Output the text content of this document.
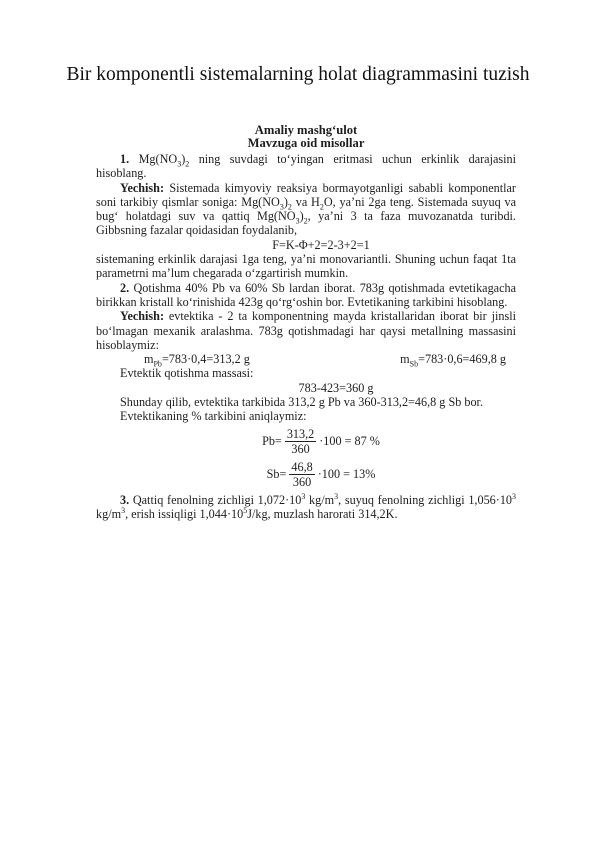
Bir komponentli sistemalarning holat diagrammasini tuzish
Amaliy mashg‘ulot
Mavzuga oid misollar

1. $Mg(NO_3)_2$ ning suvdagi to‘yingan eritmasi uchun erkinlik darajasini hisoblang.

Yechish: Sistemada kimyoviy reaksiya bormayotganligi sababli komponentlar soni tarkibiy qismlar soniga: $Mg(NO_3)_2$ va $H_2O$, ya’ni 2ga teng. Sistemada suyuq va bug‘ holatdagi suv va qattiq $Mg(NO_3)_2$, ya’ni 3 ta faza muvozanatda turibdi. Gibbsning fazalar qoidasidan foydalanib,

F=K-Φ+2=2-3+2=1

sistemaning erkinlik darajasi 1ga teng, ya’ni monovariantli. Shuning uchun faqat 1ta parametrni ma’lum chegarada o‘zgartirish mumkin.

2. Qotishma 40% Pb va 60% Sb lardan iborat. 783g qotishmada evtetikagacha birikkan kristall ko‘rinishida 423g qo‘rg‘oshin bor. Evtetikaning tarkibini hisoblang.

Yechish: evtektika - 2 ta komponentning mayda kristallaridan iborat bir jinsli bo‘lmagan mexanik aralashma. 783g qotishmadagi har qaysi metallning massasini hisoblaymiz:

$m_{Pb}=783\cdot 0,4=313,2$ g	$m_{Sb}=783\cdot 0,6=469,8$ g

Evtektik qotishma massasi:

783-423=360 g

Shunday qilib, evtektika tarkibida 313,2 g Pb va 360-313,2=46,8 g Sb bor.

Evtektikaning % tarkibini aniqlaymiz:

$Pb= \frac{313,2}{360} \cdot 100 = 87$ %
$Sb= \frac{46,8}{360} \cdot 100 = 13\%$

3. Qattiq fenolning zichligi $1,072\cdot 10^3$ $kg/m^3$, suyuq fenolning zichligi $1,056\cdot 10^3$ $kg/m^3$, erish issiqligi $1,044\cdot 10^5J/kg$, muzlash harorati 314,2K.
